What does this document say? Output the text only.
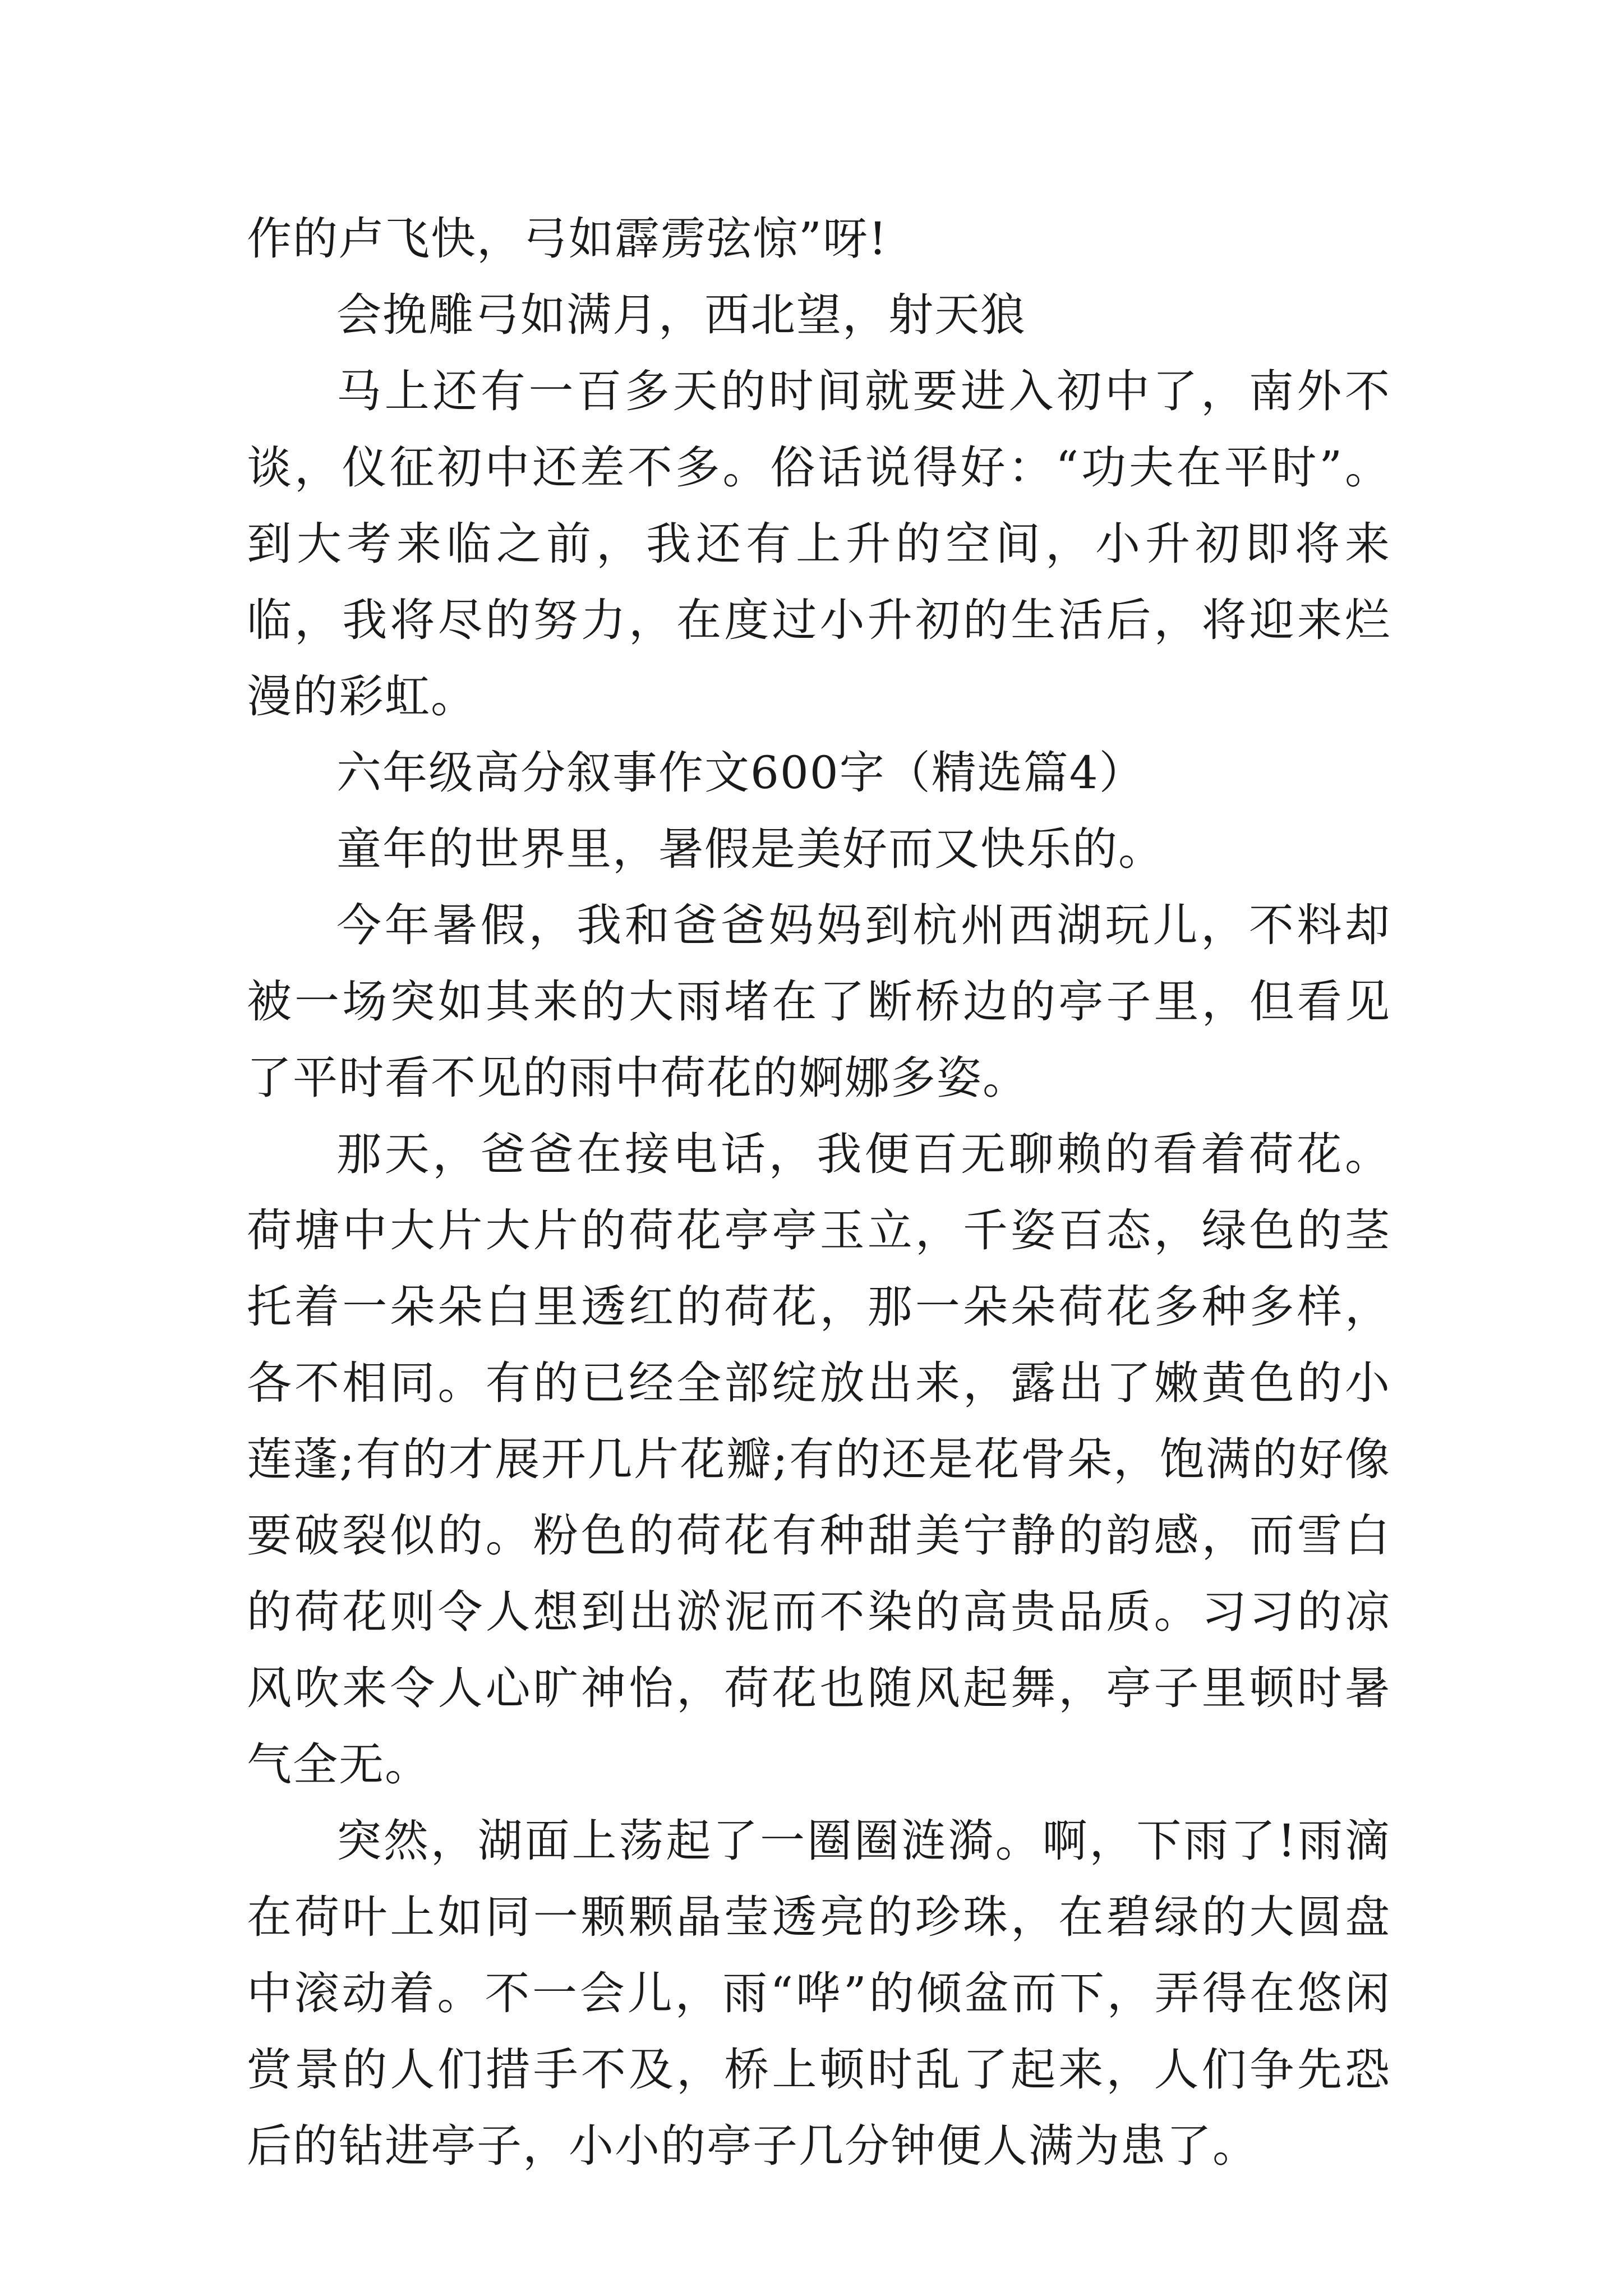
作的卢飞快，弓如霹雳弦惊”呀!

会挽雕弓如满月，西北望，射天狼

马上还有一百多天的时间就要进入初中了，南外不谈，仪征初中还差不多。俗话说得好：“功夫在平时”。到大考来临之前，我还有上升的空间，小升初即将来临，我将尽的努力，在度过小升初的生活后，将迎来烂漫的彩虹。

六年级高分叙事作文600字（精选篇4）

童年的世界里，暑假是美好而又快乐的。

今年暑假，我和爸爸妈妈到杭州西湖玩儿，不料却被一场突如其来的大雨堵在了断桥边的亭子里，但看见了平时看不见的雨中荷花的婀娜多姿。

那天，爸爸在接电话，我便百无聊赖的看着荷花。荷塘中大片大片的荷花亭亭玉立，千姿百态，绿色的茎托着一朵朵白里透红的荷花，那一朵朵荷花多种多样，各不相同。有的已经全部绽放出来，露出了嫩黄色的小莲蓬;有的才展开几片花瓣;有的还是花骨朵，饱满的好像要破裂似的。粉色的荷花有种甜美宁静的韵感，而雪白的荷花则令人想到出淤泥而不染的高贵品质。习习的凉风吹来令人心旷神怡，荷花也随风起舞，亭子里顿时暑气全无。

突然，湖面上荡起了一圈圈涟漪。啊，下雨了!雨滴在荷叶上如同一颗颗晶莹透亮的珍珠，在碧绿的大圆盘中滚动着。不一会儿，雨“哗”的倾盆而下，弄得在悠闲赏景的人们措手不及，桥上顿时乱了起来，人们争先恐后的钻进亭子，小小的亭子几分钟便人满为患了。
